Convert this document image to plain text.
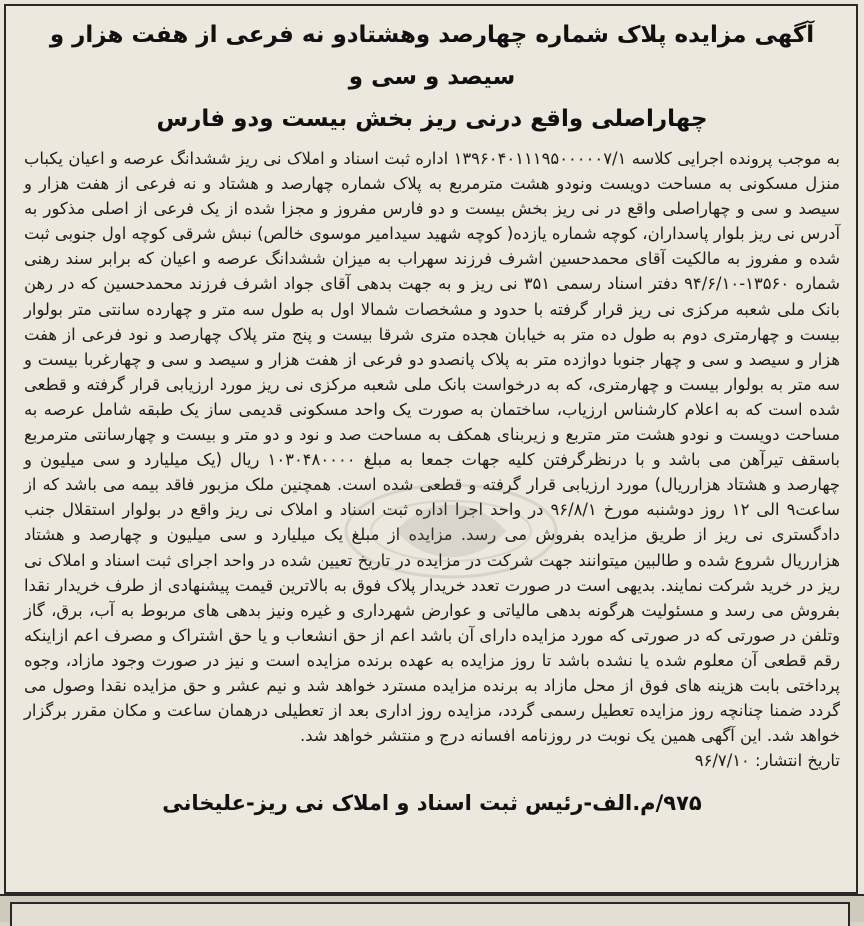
آگهی مزایده پلاک شماره چهارصد وهشتادو نه فرعی از هفت هزار و سیصد و سی و
چهاراصلی واقع درنی ریز بخش بیست ودو فارس

به موجب پرونده اجرایی کلاسه ۱۳۹۶۰۴۰۱۱۱۹۵۰۰۰۰۰۷/۱ اداره ثبت اسناد و املاک نی ریز ششدانگ عرصه و اعیان یکباب منزل مسکونی به مساحت دویست ونودو هشت مترمربع به پلاک شماره چهارصد و هشتاد و نه فرعی از هفت هزار و سیصد و سی و چهاراصلی واقع در نی ریز بخش بیست و دو فارس مفروز و مجزا شده از یک فرعی از اصلی مذکور به آدرس نی ریز بلوار پاسداران، کوچه شماره یازده( کوچه شهید سیدامیر موسوی خالص) نبش شرقی کوچه اول جنوبی ثبت شده و مفروز به مالکیت آقای محمدحسین اشرف فرزند سهراب به میزان ششدانگ عرصه و اعیان که برابر سند رهنی شماره ۱۳۵۶۰-۹۴/۶/۱۰ دفتر اسناد رسمی ۳۵۱ نی ریز و به جهت بدهی آقای جواد اشرف فرزند محمدحسین که در رهن بانک ملی شعبه مرکزی نی ریز قرار گرفته با حدود و مشخصات شمالا اول به طول سه متر و چهارده سانتی متر بولوار بیست و چهارمتری دوم به طول ده متر به خیابان هجده متری شرقا بیست و پنج متر پلاک چهارصد و نود فرعی از هفت هزار و سیصد و سی و چهار جنوبا دوازده متر به پلاک پانصدو دو فرعی از هفت هزار و سیصد و سی و چهارغربا بیست و سه متر به بولوار بیست و چهارمتری، که به درخواست بانک ملی شعبه مرکزی نی ریز مورد ارزیابی قرار گرفته و قطعی شده است که به اعلام کارشناس ارزیاب، ساختمان به صورت یک واحد مسکونی قدیمی ساز یک طبقه شامل عرصه به مساحت دویست و نودو هشت متر متربع و زیربنای همکف به مساحت صد و نود و دو متر و بیست و چهارسانتی مترمربع باسقف تیرآهن می باشد و با درنظرگرفتن کلیه جهات جمعا به مبلغ ۱۰۳۰۴۸۰۰۰۰ ریال (یک میلیارد و سی میلیون و چهارصد و هشتاد هزارریال) مورد ارزیابی قرار گرفته و قطعی شده است. همچنین ملک مزبور فاقد بیمه می باشد که از ساعت۹ الی ۱۲ روز دوشنبه مورخ ۹۶/۸/۱ در واحد اجرا اداره ثبت اسناد و املاک نی ریز واقع در بولوار استقلال جنب دادگستری نی ریز از طریق مزایده بفروش می رسد. مزایده از مبلغ یک میلیارد و سی میلیون و چهارصد و هشتاد هزارریال شروع شده و طالبین میتوانند جهت شرکت در مزایده در تاریخ تعیین شده در واحد اجرای ثبت اسناد و املاک نی ریز در خرید شرکت نمایند. بدیهی است در صورت تعدد خریدار پلاک فوق به بالاترین قیمت پیشنهادی از طرف خریدار نقدا بفروش می رسد و مسئولیت هرگونه بدهی مالیاتی و عوارض شهرداری و غیره ونیز بدهی های مربوط به آب، برق، گاز وتلفن در صورتی که در صورتی که مورد مزایده دارای آن باشد اعم از حق انشعاب و یا حق اشتراک و مصرف اعم ازاینکه رقم قطعی آن معلوم شده یا نشده باشد تا روز مزایده به عهده برنده مزایده است و نیز در صورت وجود مازاد، وجوه پرداختی بابت هزینه های فوق از محل مازاد به برنده مزایده مسترد خواهد شد و نیم عشر و حق مزایده نقدا وصول می گردد ضمنا چنانچه روز مزایده تعطیل رسمی گردد، مزایده روز اداری بعد از تعطیلی درهمان ساعت و مکان مقرر برگزار خواهد شد. این آگهی همین یک نوبت در روزنامه افسانه درج و منتشر خواهد شد.

تاریخ انتشار: ۹۶/۷/۱۰

۹۷۵/م.الف-رئیس ثبت اسناد و املاک نی ریز-علیخانی
